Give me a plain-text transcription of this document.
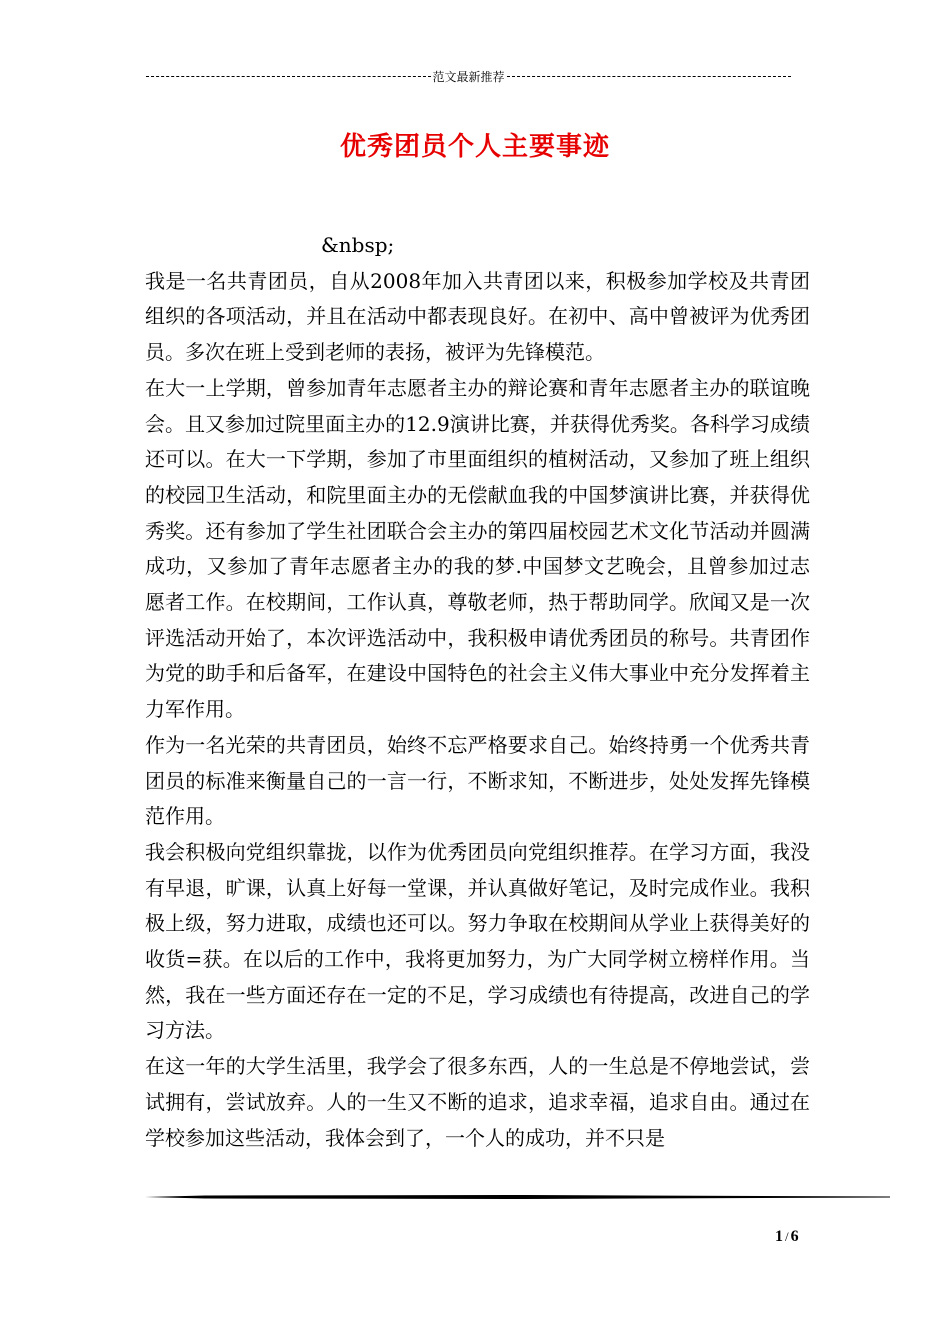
范文最新推荐
优秀团员个人主要事迹

&nbsp;

我是一名共青团员，自从2008年加入共青团以来，积极参加学校及共青团组织的各项活动，并且在活动中都表现良好。在初中、高中曾被评为优秀团员。多次在班上受到老师的表扬，被评为先锋模范。

在大一上学期，曾参加青年志愿者主办的辩论赛和青年志愿者主办的联谊晚会。且又参加过院里面主办的12.9演讲比赛，并获得优秀奖。各科学习成绩还可以。在大一下学期，参加了市里面组织的植树活动，又参加了班上组织的校园卫生活动，和院里面主办的无偿献血我的中国梦演讲比赛，并获得优秀奖。还有参加了学生社团联合会主办的第四届校园艺术文化节活动并圆满成功，又参加了青年志愿者主办的我的梦.中国梦文艺晚会，且曾参加过志愿者工作。在校期间，工作认真，尊敬老师，热于帮助同学。欣闻又是一次评选活动开始了，本次评选活动中，我积极申请优秀团员的称号。共青团作为党的助手和后备军，在建设中国特色的社会主义伟大事业中充分发挥着主力军作用。

作为一名光荣的共青团员，始终不忘严格要求自己。始终持勇一个优秀共青团员的标准来衡量自己的一言一行，不断求知，不断进步，处处发挥先锋模范作用。

我会积极向党组织靠拢，以作为优秀团员向党组织推荐。在学习方面，我没有早退，旷课，认真上好每一堂课，并认真做好笔记，及时完成作业。我积极上级，努力进取，成绩也还可以。努力争取在校期间从学业上获得美好的收货=获。在以后的工作中，我将更加努力，为广大同学树立榜样作用。当然，我在一些方面还存在一定的不足，学习成绩也有待提高，改进自己的学习方法。

在这一年的大学生活里，我学会了很多东西，人的一生总是不停地尝试，尝试拥有，尝试放弃。人的一生又不断的追求，追求幸福，追求自由。通过在学校参加这些活动，我体会到了，一个人的成功，并不只是

1 / 6
